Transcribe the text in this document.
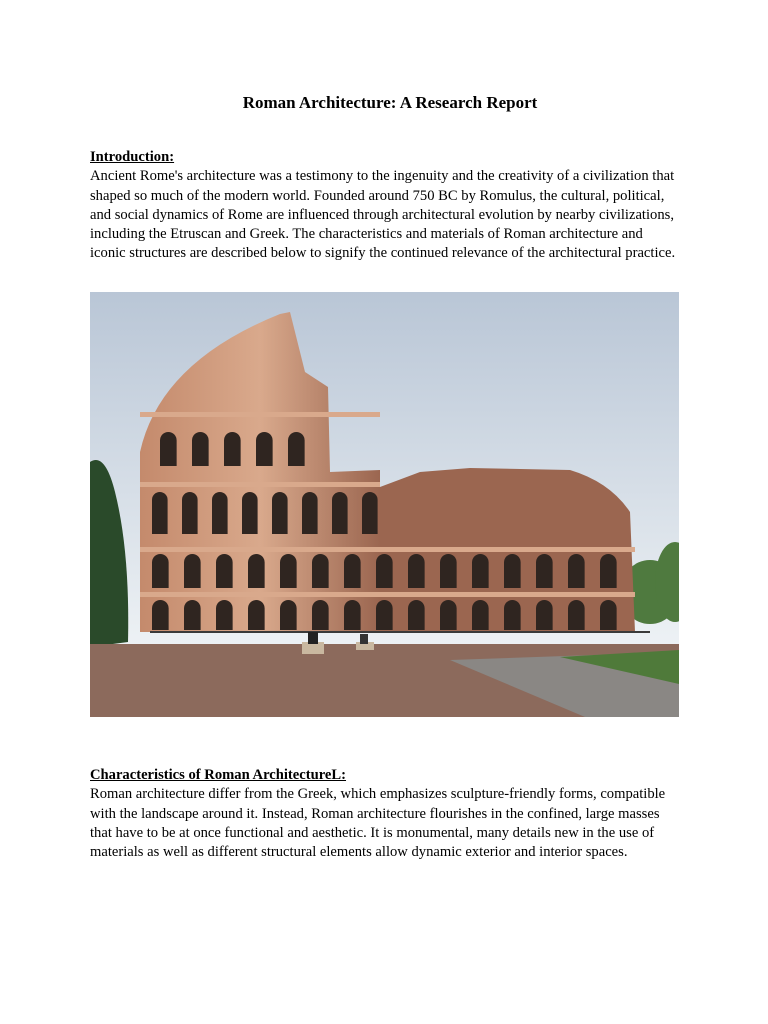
Roman Architecture: A Research Report
Introduction:
Ancient Rome's architecture was a testimony to the ingenuity and the creativity of a civilization that shaped so much of the modern world. Founded around 750 BC by Romulus, the cultural, political, and social dynamics of Rome are influenced through architectural evolution by nearby civilizations, including the Etruscan and Greek. The characteristics and materials of Roman architecture and iconic structures are described below to signify the continued relevance of the architectural practice.
Characteristics of Roman ArchitectureL:
Roman architecture differ from the Greek, which emphasizes sculpture-friendly forms, compatible with the landscape around it. Instead, Roman architecture flourishes in the confined, large masses that have to be at once functional and aesthetic. It is monumental, many details new in the use of materials as well as different structural elements allow dynamic exterior and interior spaces.
